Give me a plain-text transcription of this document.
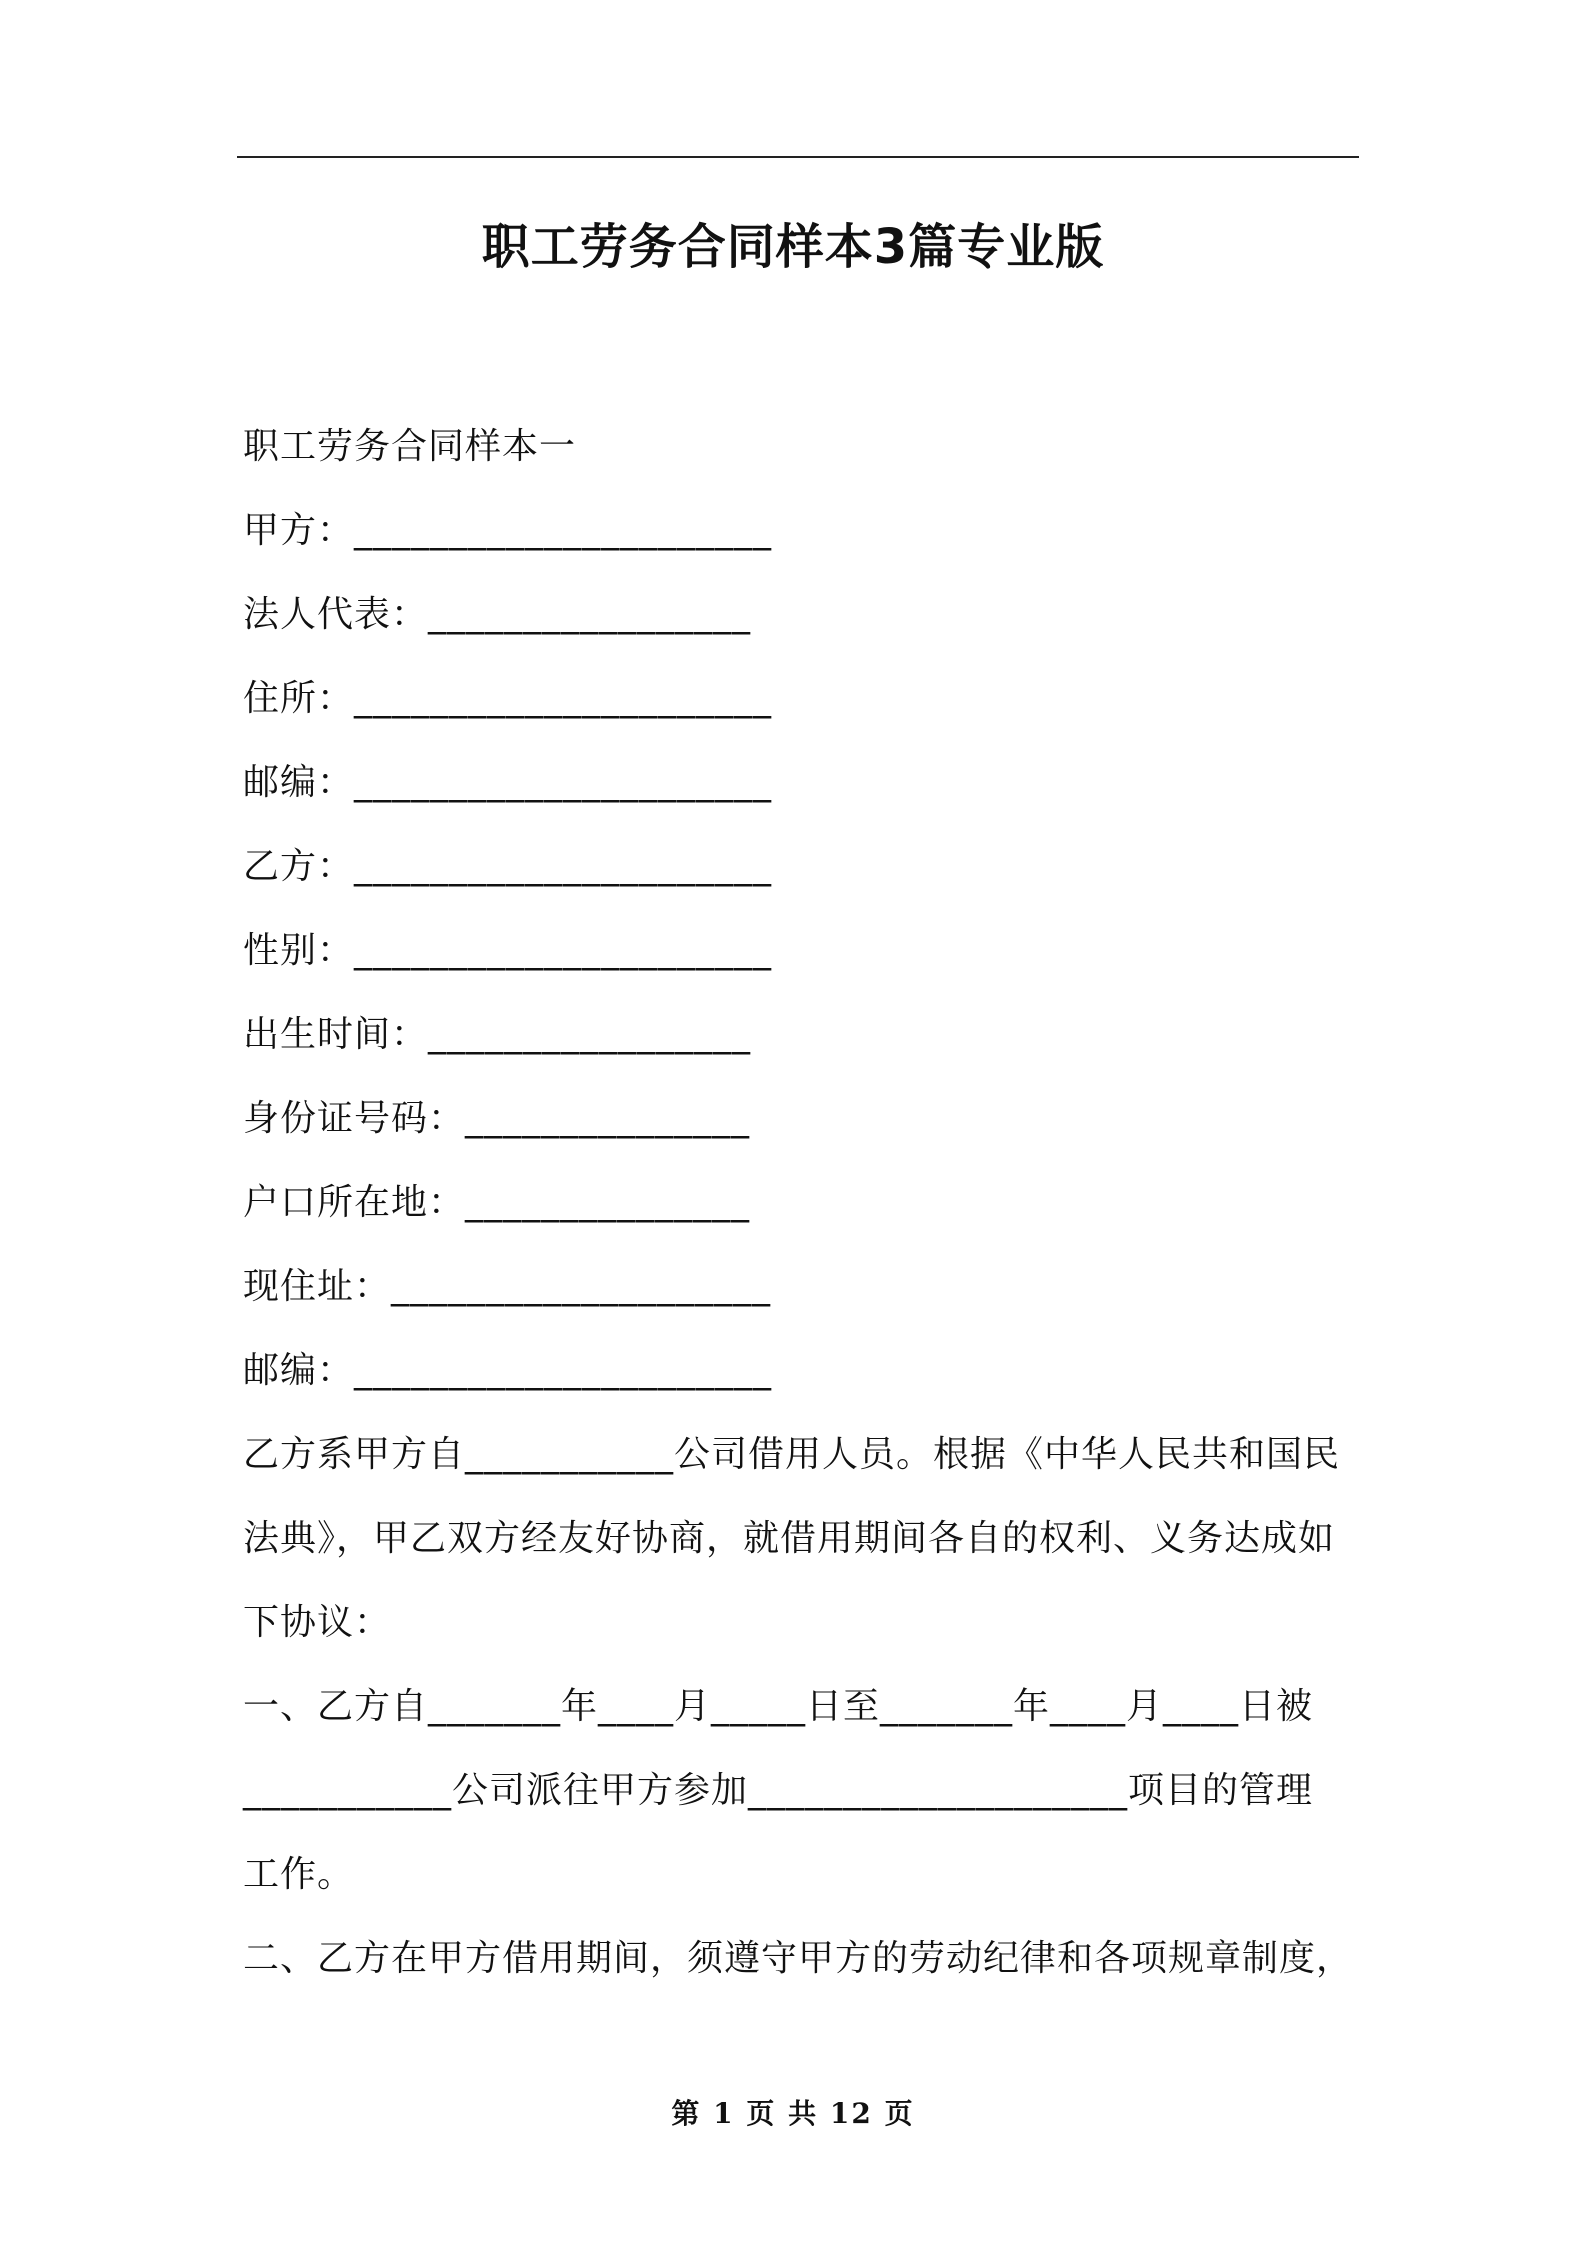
职工劳务合同样本3篇专业版
职工劳务合同样本一
甲方：______________________
法人代表：_________________
住所：______________________
邮编：______________________
乙方：______________________
性别：______________________
出生时间：_________________
身份证号码：_______________
户口所在地：_______________
现住址：____________________
邮编：______________________
乙方系甲方自___________公司借用人员。根据《中华人民共和国民
法典》，甲乙双方经友好协商，就借用期间各自的权利、义务达成如
下协议：
一、乙方自_______年____月_____日至_______年____月____日被
___________公司派往甲方参加____________________项目的管理
工作。
二、乙方在甲方借用期间，须遵守甲方的劳动纪律和各项规章制度，
第 1 页 共 12 页
